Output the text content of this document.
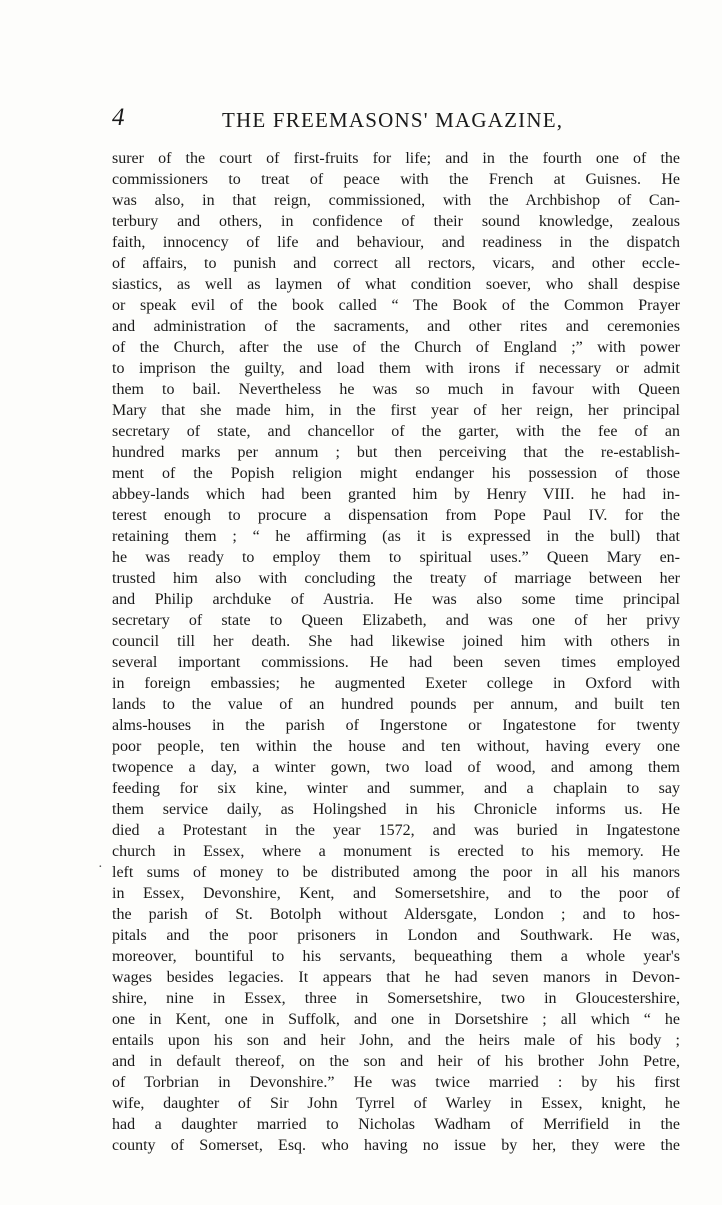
4	THE FREEMASONS' MAGAZINE,
surer of the court of first-fruits for life; and in the fourth one of the
commissioners to treat of peace with the French at Guisnes. He
was also, in that reign, commissioned, with the Archbishop of Can-
terbury and others, in confidence of their sound knowledge, zealous
faith, innocency of life and behaviour, and readiness in the dispatch
of affairs, to punish and correct all rectors, vicars, and other eccle-
siastics, as well as laymen of what condition soever, who shall despise
or speak evil of the book called “ The Book of the Common Prayer
and administration of the sacraments, and other rites and ceremonies
of the Church, after the use of the Church of England ;” with power
to imprison the guilty, and load them with irons if necessary or admit
them to bail. Nevertheless he was so much in favour with Queen
Mary that she made him, in the first year of her reign, her principal
secretary of state, and chancellor of the garter, with the fee of an
hundred marks per annum ; but then perceiving that the re-establish-
ment of the Popish religion might endanger his possession of those
abbey-lands which had been granted him by Henry VIII. he had in-
terest enough to procure a dispensation from Pope Paul IV. for the
retaining them ; “ he affirming (as it is expressed in the bull) that
he was ready to employ them to spiritual uses.” Queen Mary en-
trusted him also with concluding the treaty of marriage between her
and Philip archduke of Austria. He was also some time principal
secretary of state to Queen Elizabeth, and was one of her privy
council till her death. She had likewise joined him with others in
several important commissions. He had been seven times employed
in foreign embassies; he augmented Exeter college in Oxford with
lands to the value of an hundred pounds per annum, and built ten
alms-houses in the parish of Ingerstone or Ingatestone for twenty
poor people, ten within the house and ten without, having every one
twopence a day, a winter gown, two load of wood, and among them
feeding for six kine, winter and summer, and a chaplain to say
them service daily, as Holingshed in his Chronicle informs us. He
died a Protestant in the year 1572, and was buried in Ingatestone
church in Essex, where a monument is erected to his memory. He
left sums of money to be distributed among the poor in all his manors
in Essex, Devonshire, Kent, and Somersetshire, and to the poor of
the parish of St. Botolph without Aldersgate, London ; and to hos-
pitals and the poor prisoners in London and Southwark. He was,
moreover, bountiful to his servants, bequeathing them a whole year's
wages besides legacies. It appears that he had seven manors in Devon-
shire, nine in Essex, three in Somersetshire, two in Gloucestershire,
one in Kent, one in Suffolk, and one in Dorsetshire ; all which “ he
entails upon his son and heir John, and the heirs male of his body ;
and in default thereof, on the son and heir of his brother John Petre,
of Torbrian in Devonshire.” He was twice married : by his first
wife, daughter of Sir John Tyrrel of Warley in Essex, knight, he
had a daughter married to Nicholas Wadham of Merrifield in the
county of Somerset, Esq. who having no issue by her, they were the
·
